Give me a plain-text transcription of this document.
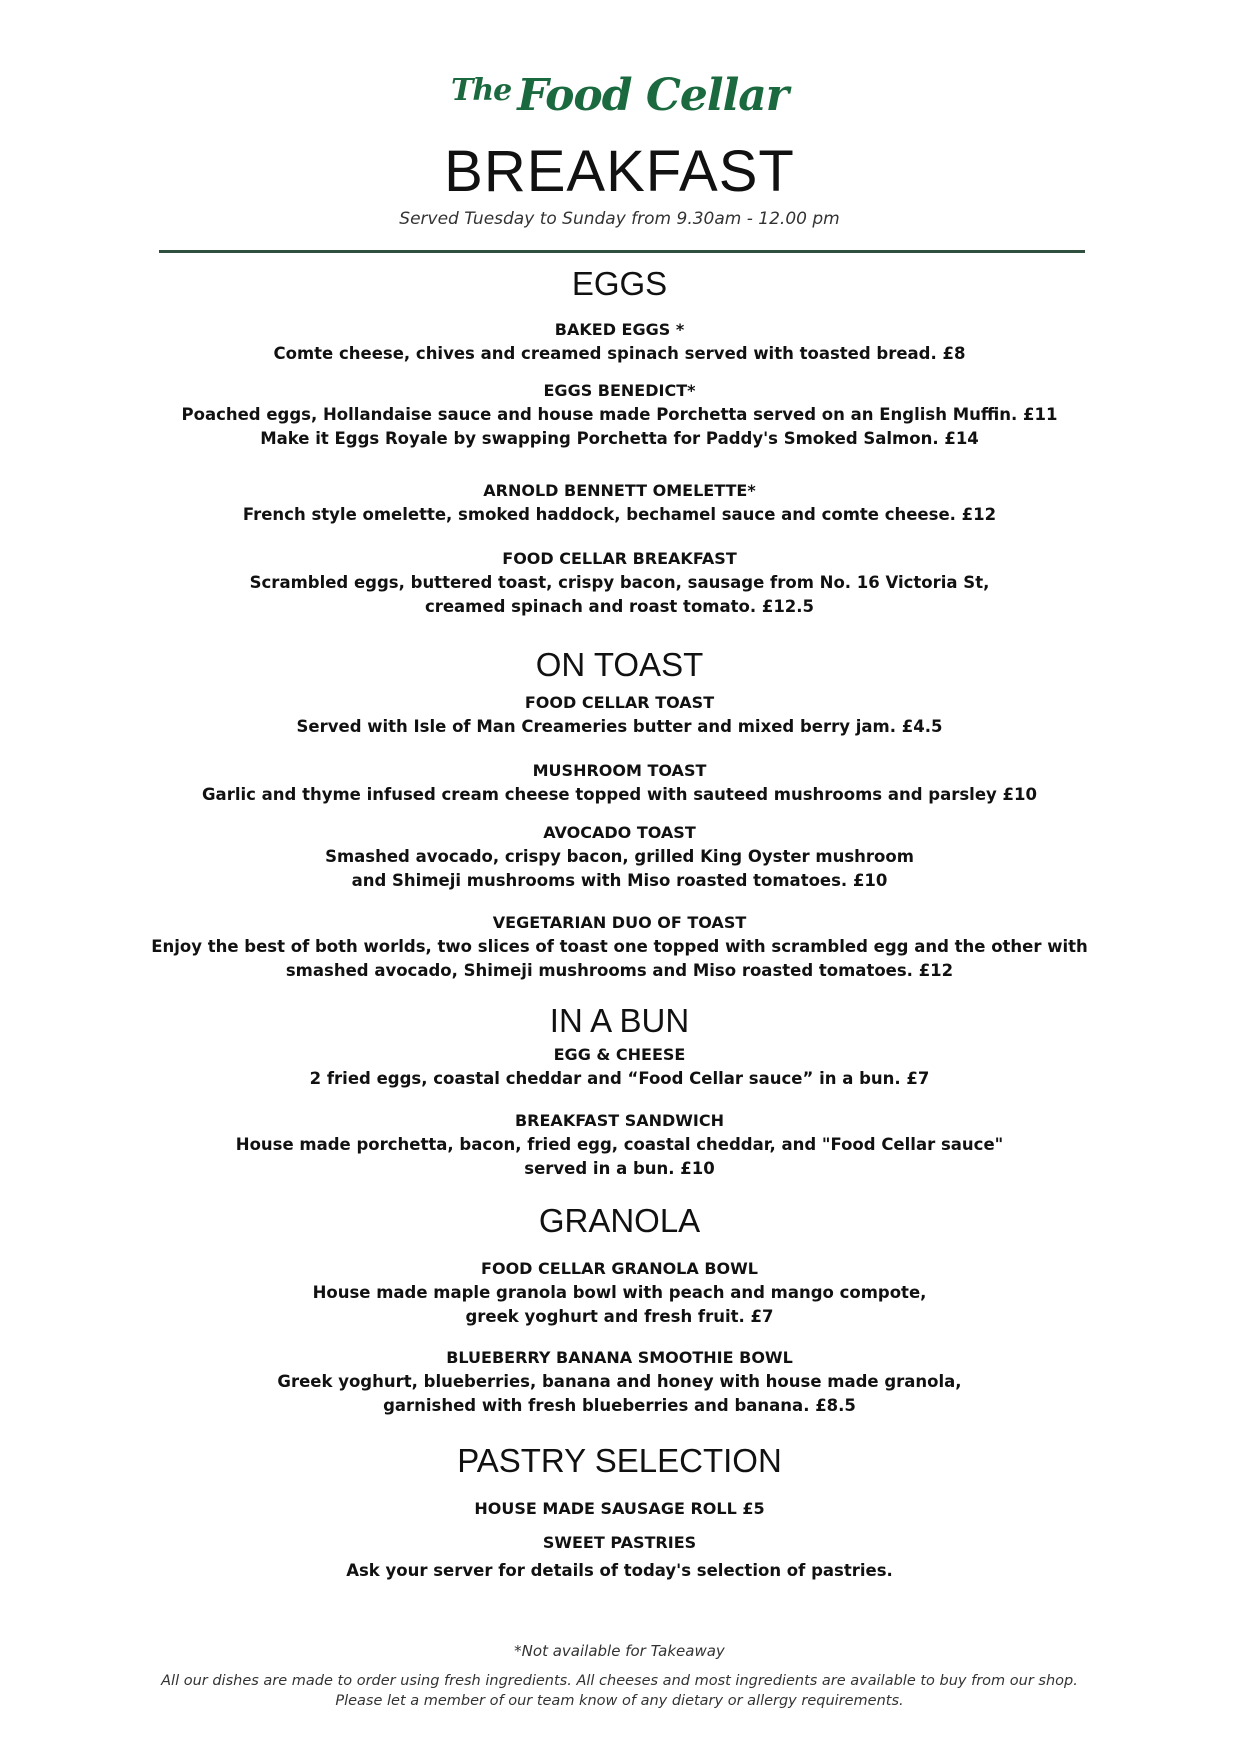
$^{The}$ Food Cellar
BREAKFAST
Served Tuesday to Sunday from 9.30am - 12.00 pm
EGGS

BAKED EGGS *

Comte cheese, chives and creamed spinach served with toasted bread. £8

EGGS BENEDICT*

Poached eggs, Hollandaise sauce and house made Porchetta served on an English Muffin. £11

Make it Eggs Royale by swapping Porchetta for Paddy's Smoked Salmon. £14

ARNOLD BENNETT OMELETTE*

French style omelette, smoked haddock, bechamel sauce and comte cheese. £12

FOOD CELLAR BREAKFAST

Scrambled eggs, buttered toast, crispy bacon, sausage from No. 16 Victoria St,

creamed spinach and roast tomato. £12.5

ON TOAST

FOOD CELLAR TOAST

Served with Isle of Man Creameries butter and mixed berry jam. £4.5

MUSHROOM TOAST

Garlic and thyme infused cream cheese topped with sauteed mushrooms and parsley £10

AVOCADO TOAST

Smashed avocado, crispy bacon, grilled King Oyster mushroom

and Shimeji mushrooms with Miso roasted tomatoes. £10

VEGETARIAN DUO OF TOAST

Enjoy the best of both worlds, two slices of toast one topped with scrambled egg and the other with

smashed avocado, Shimeji mushrooms and Miso roasted tomatoes. £12

IN A BUN

EGG & CHEESE

2 fried eggs, coastal cheddar and “Food Cellar sauce” in a bun. £7

BREAKFAST SANDWICH

House made porchetta, bacon, fried egg, coastal cheddar, and "Food Cellar sauce"

served in a bun. £10

GRANOLA

FOOD CELLAR GRANOLA BOWL

House made maple granola bowl with peach and mango compote,

greek yoghurt and fresh fruit. £7

BLUEBERRY BANANA SMOOTHIE BOWL

Greek yoghurt, blueberries, banana and honey with house made granola,

garnished with fresh blueberries and banana. £8.5

PASTRY SELECTION

HOUSE MADE SAUSAGE ROLL £5

SWEET PASTRIES

Ask your server for details of today's selection of pastries.

*Not available for Takeaway
All our dishes are made to order using fresh ingredients. All cheeses and most ingredients are available to buy from our shop.
Please let a member of our team know of any dietary or allergy requirements.
